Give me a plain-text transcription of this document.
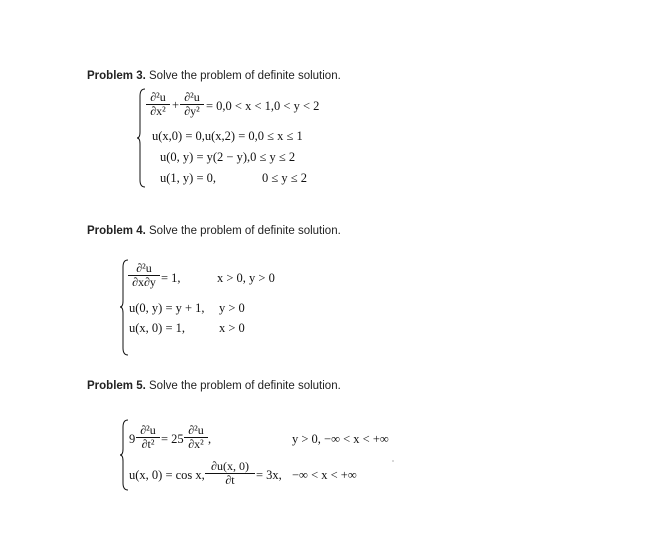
Problem 3. Solve the problem of definite solution.
$\frac{\text{∂²u}}{\text{∂x²}} + \frac{\text{∂²u}}{\text{∂y²}} = 0,0 < x < 1,0 < y < 2$
u(x,0) = 0,u(x,2) = 0,0 ≤ x ≤ 1
u(0, y) = y(2 − y),0 ≤ y ≤ 2
u(1, y) = 0,	0 ≤ y ≤ 2
Problem 4. Solve the problem of definite solution.
$\frac{\text{∂²u}}{\partial x\partial y} = 1$,	x > 0, y > 0
u(0, y) = y + 1, y > 0
u(x, 0) = 1,	x > 0
Problem 5. Solve the problem of definite solution.
$9 \frac{\text{∂²u}}{\text{∂t²}} = 25 \frac{\text{∂²u}}{\text{∂x²}}$ ,	y > 0, −∞ < x < +∞
u(x, 0) = cos x, $\frac{\partial u(x, 0)}{\partial t} = 3x$, −∞ < x < +∞
